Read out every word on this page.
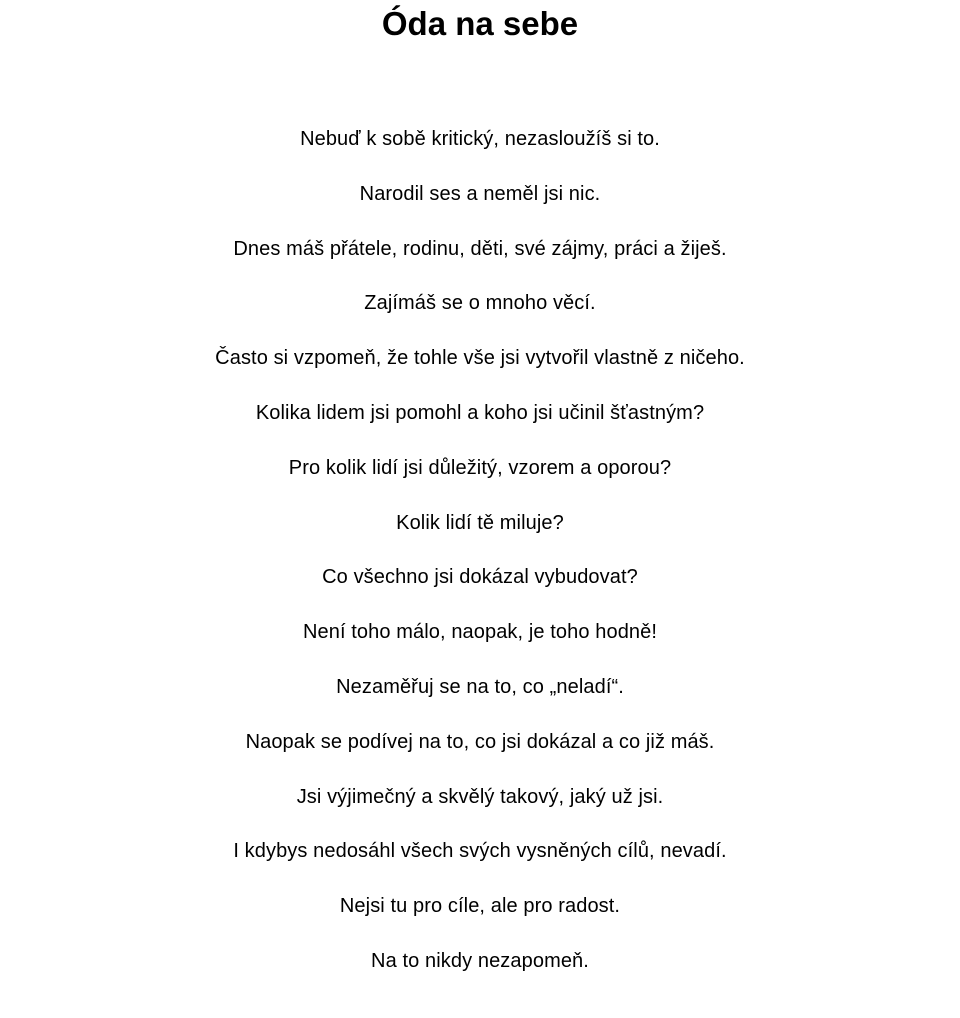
Óda na sebe
Nebuď k sobě kritický, nezasloužíš si to.
Narodil ses a neměl jsi nic.
Dnes máš přátele, rodinu, děti, své zájmy, práci a žiješ.
Zajímáš se o mnoho věcí.
Často si vzpomeň, že tohle vše jsi vytvořil vlastně z ničeho.
Kolika lidem jsi pomohl a koho jsi učinil šťastným?
Pro kolik lidí jsi důležitý, vzorem a oporou?
Kolik lidí tě miluje?
Co všechno jsi dokázal vybudovat?
Není toho málo, naopak, je toho hodně!
Nezaměřuj se na to, co „neladí“.
Naopak se podívej na to, co jsi dokázal a co již máš.
Jsi výjimečný a skvělý takový, jaký už jsi.
I kdybys nedosáhl všech svých vysněných cílů, nevadí.
Nejsi tu pro cíle, ale pro radost.
Na to nikdy nezapomeň.
